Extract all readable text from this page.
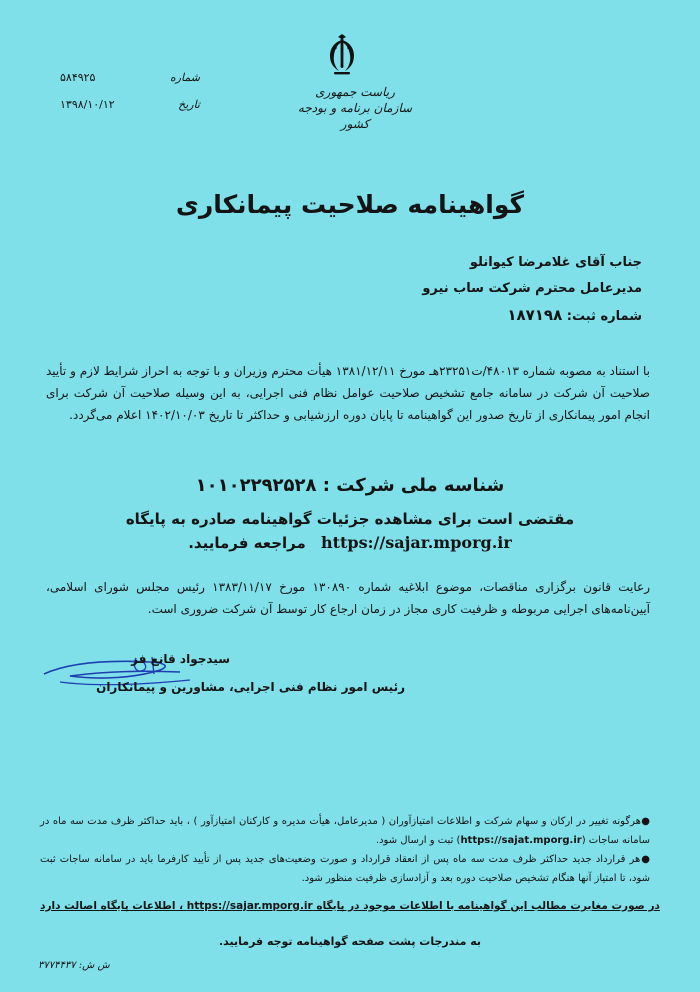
ریاست جمهوری
سازمان برنامه و بودجه کشور
شماره
۵۸۴۹۲۵
تاریخ
۱۳۹۸/۱۰/۱۲
گواهینامه صلاحیت پیمانکاری
جناب آقای غلامرضا کیوانلو
مدیرعامل محترم شرکت ساب نیرو
شماره ثبت: ۱۸۷۱۹۸
با استناد به مصوبه شماره ۴۸۰۱۳/ت۲۳۲۵۱هـ مورخ ۱۳۸۱/۱۲/۱۱ هیأت محترم وزیران و با توجه به احراز شرایط لازم و تأیید صلاحیت آن شرکت در سامانه جامع تشخیص صلاحیت عوامل نظام فنی اجرایی، به این وسیله صلاحیت آن شرکت برای انجام امور پیمانکاری از تاریخ صدور این گواهینامه تا پایان دوره ارزشیابی و حداکثر تا تاریخ ۱۴۰۲/۱۰/۰۳ اعلام می‌گردد.
شناسه ملی شرکت : ۱۰۱۰۲۲۹۲۵۲۸
مقتضی است برای مشاهده جزئیات گواهینامه صادره به پایگاه
https://sajar.mporg.ir مراجعه فرمایید.
رعایت قانون برگزاری مناقصات، موضوع ابلاغیه شماره ۱۳۰۸۹۰ مورخ ۱۳۸۳/۱۱/۱۷ رئیس مجلس شورای اسلامی، آیین‌نامه‌های اجرایی مربوطه و ظرفیت کاری مجاز در زمان ارجاع کار توسط آن شرکت ضروری است.
سیدجواد قانع فر
رئیس امور نظام فنی اجرایی، مشاورین و پیمانکاران
●هرگونه تغییر در ارکان و سهام شرکت و اطلاعات امتیازآوران ( مدیرعامل، هیأت مدیره و کارکنان امتیازآور ) ، باید حداکثر ظرف مدت سه ماه در سامانه ساجات (https://sajat.mporg.ir) ثبت و ارسال شود.
●هر قرارداد جدید حداکثر ظرف مدت سه ماه پس از انعقاد قرارداد و صورت وضعیت‌های جدید پس از تأیید کارفرما باید در سامانه ساجات ثبت شود، تا امتیاز آنها هنگام تشخیص صلاحیت دوره بعد و آزادسازی ظرفیت منظور شود.
در صورت مغایرت مطالب این گواهینامه با اطلاعات موجود در پایگاه https://sajar.mporg.ir ، اطلاعات پایگاه اصالت دارد
به مندرجات پشت صفحه گواهینامه توجه فرمایید.
ش ش: ۳۷۷۴۴۳۷
